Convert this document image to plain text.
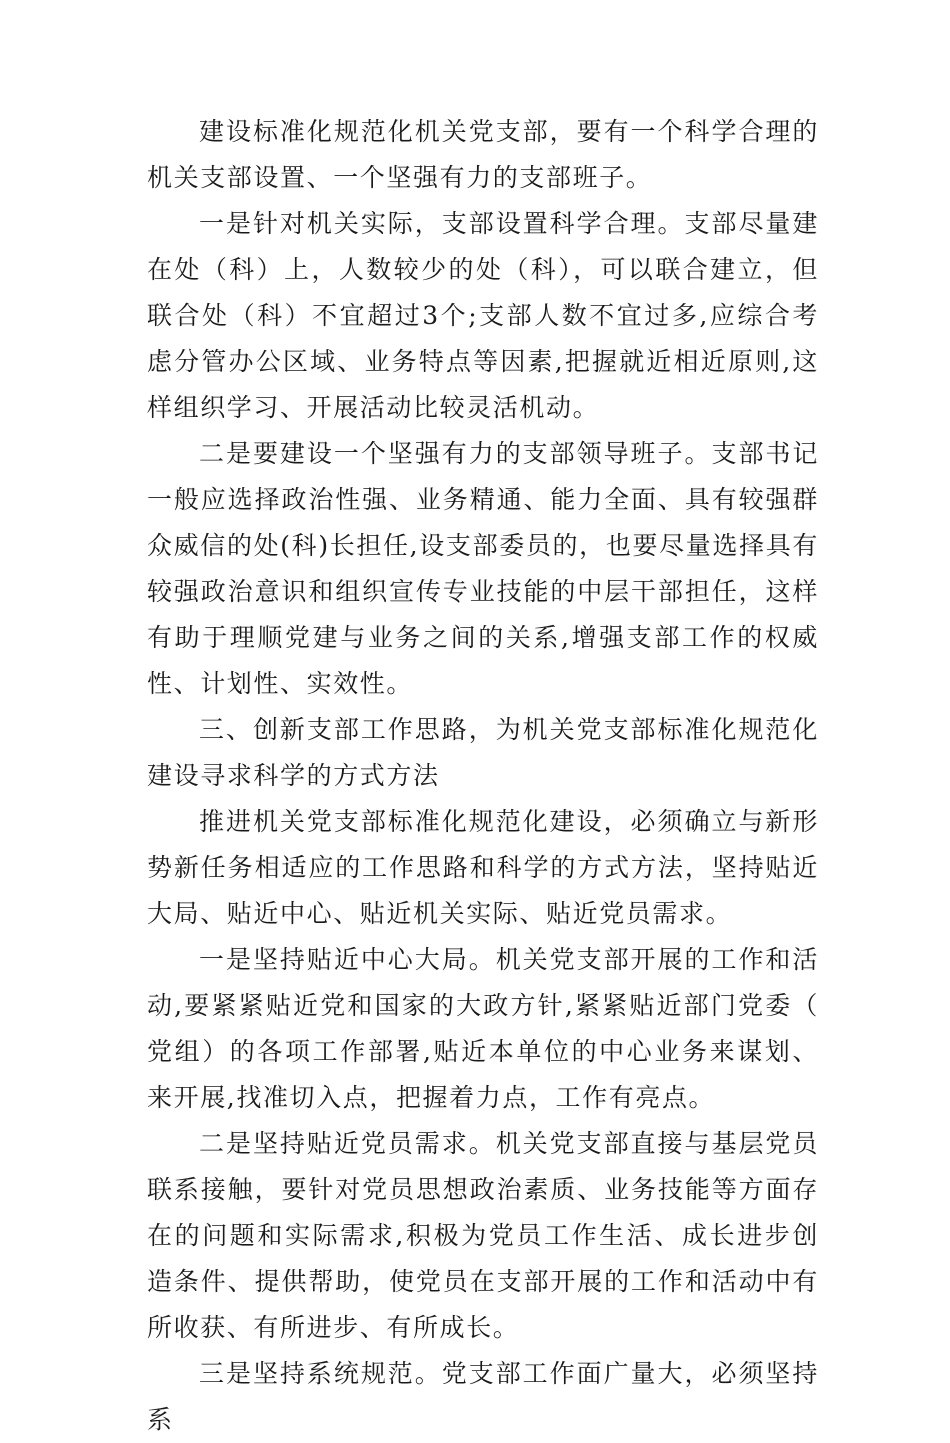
建设标准化规范化机关党支部，要有一个科学合理的机关支部设置、一个坚强有力的支部班子。

一是针对机关实际，支部设置科学合理。支部尽量建在处（科）上，人数较少的处（科），可以联合建立，但联合处（科）不宜超过3个;支部人数不宜过多,应综合考虑分管办公区域、业务特点等因素,把握就近相近原则,这样组织学习、开展活动比较灵活机动。

二是要建设一个坚强有力的支部领导班子。支部书记一般应选择政治性强、业务精通、能力全面、具有较强群众威信的处(科)长担任,设支部委员的，也要尽量选择具有较强政治意识和组织宣传专业技能的中层干部担任，这样有助于理顺党建与业务之间的关系,增强支部工作的权威性、计划性、实效性。

三、创新支部工作思路，为机关党支部标准化规范化建设寻求科学的方式方法

推进机关党支部标准化规范化建设，必须确立与新形势新任务相适应的工作思路和科学的方式方法，坚持贴近大局、贴近中心、贴近机关实际、贴近党员需求。

一是坚持贴近中心大局。机关党支部开展的工作和活动,要紧紧贴近党和国家的大政方针,紧紧贴近部门党委（党组）的各项工作部署,贴近本单位的中心业务来谋划、来开展,找准切入点，把握着力点，工作有亮点。

二是坚持贴近党员需求。机关党支部直接与基层党员联系接触，要针对党员思想政治素质、业务技能等方面存在的问题和实际需求,积极为党员工作生活、成长进步创造条件、提供帮助，使党员在支部开展的工作和活动中有所收获、有所进步、有所成长。

三是坚持系统规范。党支部工作面广量大，必须坚持系
